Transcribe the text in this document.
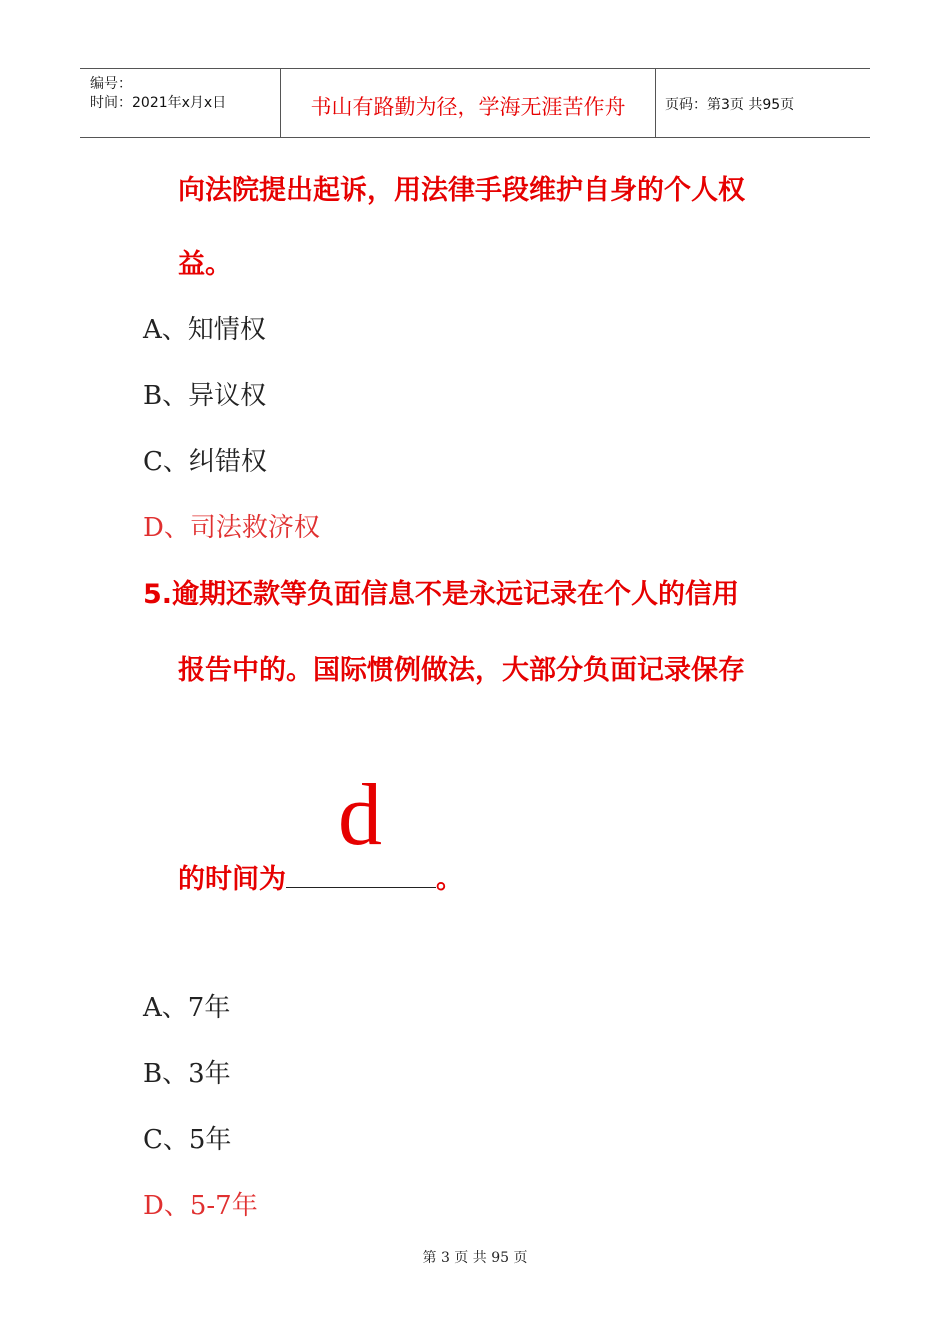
编号：
时间：2021年x月x日	书山有路勤为径，学海无涯苦作舟	页码：第3页 共95页
向法院提出起诉，用法律手段维护自身的个人权
益。
A、知情权
B、异议权
C、纠错权
D、司法救济权
5.逾期还款等负面信息不是永远记录在个人的信用
报告中的。国际惯例做法，大部分负面记录保存
的时间为
d
。
A、7年
B、3年
C、5年
D、5-7年
第 3 页 共 95 页
